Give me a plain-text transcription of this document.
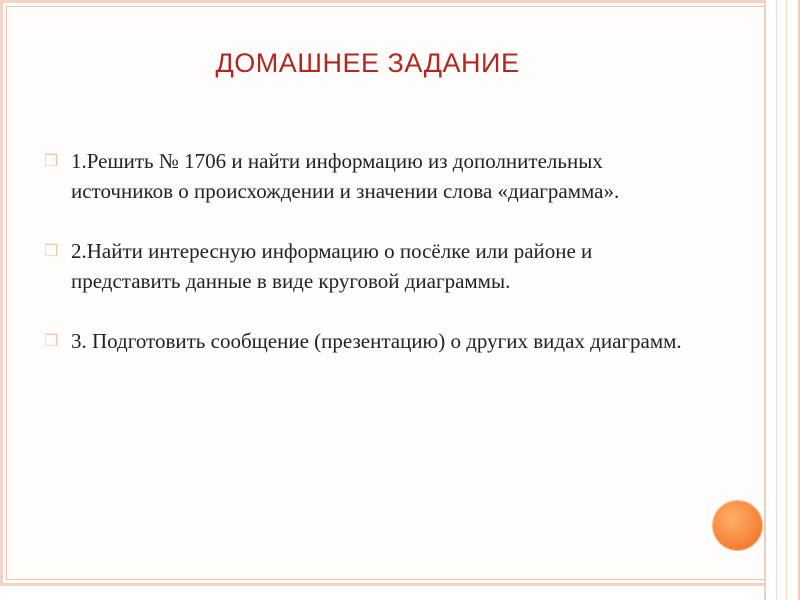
ДОМАШНЕЕ ЗАДАНИЕ
❒ 1.Решить № 1706 и найти информацию из дополнительных источников о происхождении и значении слова «диаграмма».
❒ 2.Найти интересную информацию о посёлке или районе и представить данные в виде круговой диаграммы.
❒ 3. Подготовить сообщение (презентацию) о других видах диаграмм.
